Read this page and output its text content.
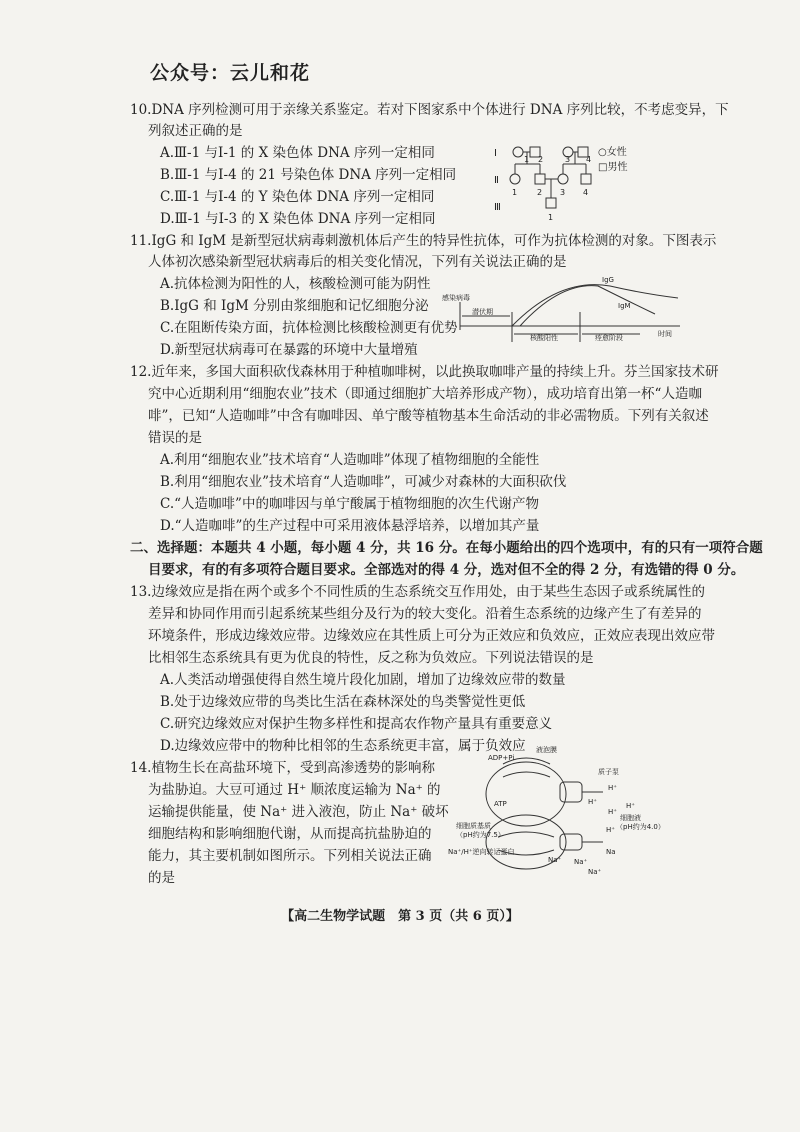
公众号：云儿和花
10.DNA 序列检测可用于亲缘关系鉴定。若对下图家系中个体进行 DNA 序列比较，不考虑变异，下
列叙述正确的是
A.Ⅲ-1 与Ⅰ-1 的 X 染色体 DNA 序列一定相同
B.Ⅲ-1 与Ⅰ-4 的 21 号染色体 DNA 序列一定相同
C.Ⅲ-1 与Ⅰ-4 的 Y 染色体 DNA 序列一定相同
D.Ⅲ-1 与Ⅰ-3 的 X 染色体 DNA 序列一定相同
Ⅰ
Ⅱ
Ⅲ
1 2	3 4
1 2 3 4
1
○女性
□男性
11.IgG 和 IgM 是新型冠状病毒刺激机体后产生的特异性抗体，可作为抗体检测的对象。下图表示
人体初次感染新型冠状病毒后的相关变化情况，下列有关说法正确的是
A.抗体检测为阳性的人，核酸检测可能为阴性
B.IgG 和 IgM 分别由浆细胞和记忆细胞分泌
C.在阻断传染方面，抗体检测比核酸检测更有优势
D.新型冠状病毒可在暴露的环境中大量增殖
感染病毒
潜伏期
核酸阳性	痊愈阶段	时间
IgG
IgM
12.近年来，多国大面积砍伐森林用于种植咖啡树，以此换取咖啡产量的持续上升。芬兰国家技术研
究中心近期利用“细胞农业”技术（即通过细胞扩大培养形成产物），成功培育出第一杯“人造咖
啡”，已知“人造咖啡”中含有咖啡因、单宁酸等植物基本生命活动的非必需物质。下列有关叙述
错误的是
A.利用“细胞农业”技术培育“人造咖啡”体现了植物细胞的全能性
B.利用“细胞农业”技术培育“人造咖啡”，可减少对森林的大面积砍伐
C.“人造咖啡”中的咖啡因与单宁酸属于植物细胞的次生代谢产物
D.“人造咖啡”的生产过程中可采用液体悬浮培养，以增加其产量
二、选择题：本题共 4 小题，每小题 4 分，共 16 分。在每小题给出的四个选项中，有的只有一项符合题
目要求，有的有多项符合题目要求。全部选对的得 4 分，选对但不全的得 2 分，有选错的得 0 分。
13.边缘效应是指在两个或多个不同性质的生态系统交互作用处，由于某些生态因子或系统属性的
差异和协同作用而引起系统某些组分及行为的较大变化。沿着生态系统的边缘产生了有差异的
环境条件，形成边缘效应带。边缘效应在其性质上可分为正效应和负效应，正效应表现出效应带
比相邻生态系统具有更为优良的特性，反之称为负效应。下列说法错误的是
A.人类活动增强使得自然生境片段化加剧，增加了边缘效应带的数量
B.处于边缘效应带的鸟类比生活在森林深处的鸟类警觉性更低
C.研究边缘效应对保护生物多样性和提高农作物产量具有重要意义
D.边缘效应带中的物种比相邻的生态系统更丰富，属于负效应
14.植物生长在高盐环境下，受到高渗透势的影响称
为盐胁迫。大豆可通过 H⁺ 顺浓度运输为 Na⁺ 的
运输提供能量，使 Na⁺ 进入液泡，防止 Na⁺ 破坏
细胞结构和影响细胞代谢，从而提高抗盐胁迫的
能力，其主要机制如图所示。下列相关说法正确
的是
液泡膜
ADP+Pi
质子泵
ATP
细胞质基质
（pH约为7.5）
细胞液
（pH约为4.0）
Na⁺/H⁺逆向转运蛋白
H⁺
H⁺
H⁺
H⁺
H⁺
Na⁺ Na⁺
Na
Na⁺
【高二生物学试题　第 3 页（共 6 页）】
